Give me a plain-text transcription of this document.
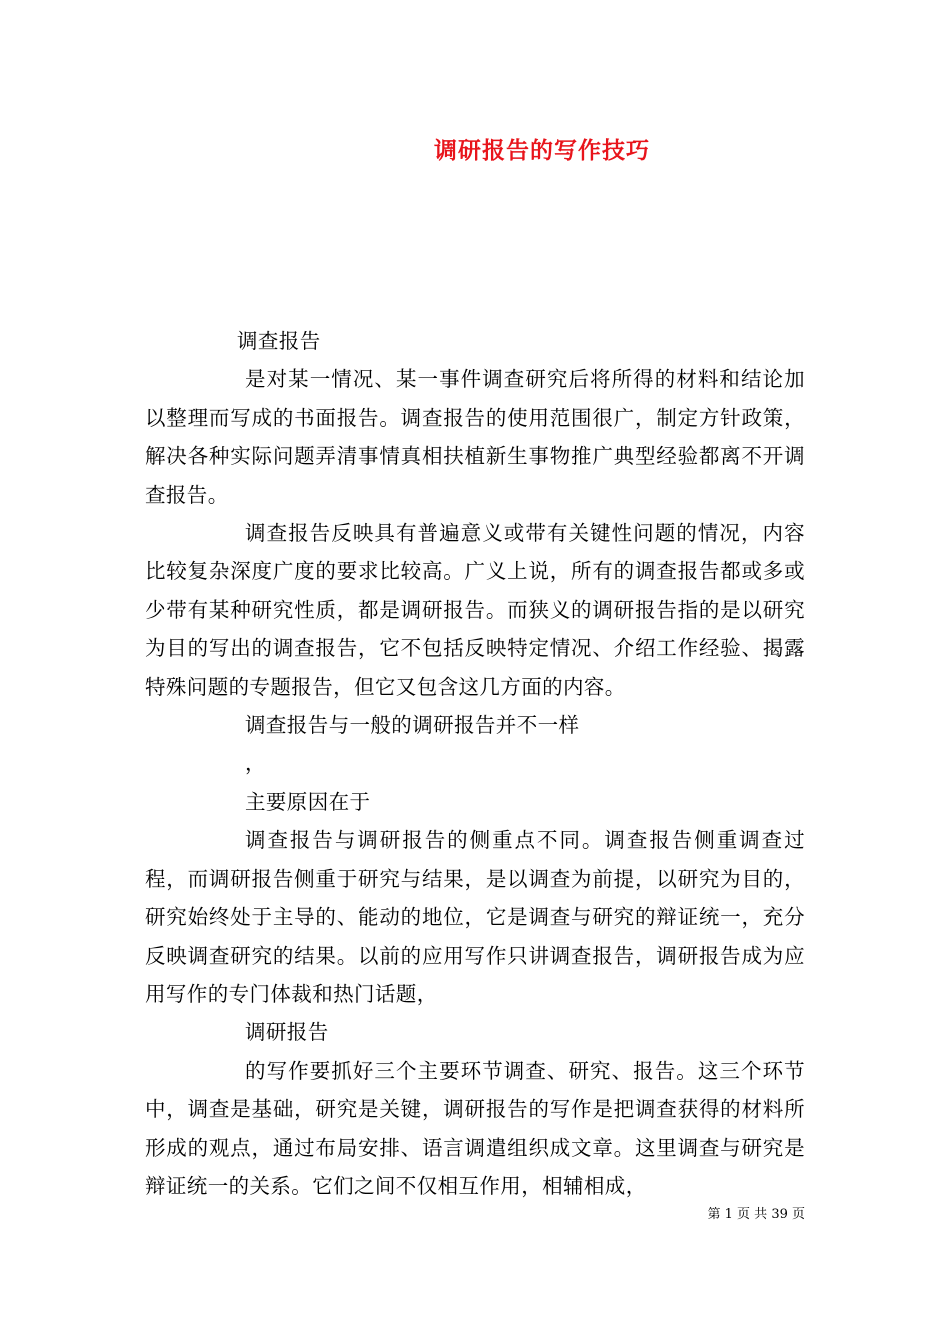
调研报告的写作技巧

调查报告

是对某一情况、某一事件调查研究后将所得的材料和结论加以整理而写成的书面报告。调查报告的使用范围很广，制定方针政策，解决各种实际问题弄清事情真相扶植新生事物推广典型经验都离不开调查报告。

调查报告反映具有普遍意义或带有关键性问题的情况，内容比较复杂深度广度的要求比较高。广义上说，所有的调查报告都或多或少带有某种研究性质，都是调研报告。而狭义的调研报告指的是以研究为目的写出的调查报告，它不包括反映特定情况、介绍工作经验、揭露特殊问题的专题报告，但它又包含这几方面的内容。

调查报告与一般的调研报告并不一样

，

主要原因在于

调查报告与调研报告的侧重点不同。调查报告侧重调查过程，而调研报告侧重于研究与结果，是以调查为前提，以研究为目的，研究始终处于主导的、能动的地位，它是调查与研究的辩证统一，充分反映调查研究的结果。以前的应用写作只讲调查报告，调研报告成为应用写作的专门体裁和热门话题，

调研报告

的写作要抓好三个主要环节调查、研究、报告。这三个环节中，调查是基础，研究是关键，调研报告的写作是把调查获得的材料所形成的观点，通过布局安排、语言调遣组织成文章。这里调查与研究是辩证统一的关系。它们之间不仅相互作用，相辅相成，

第 1 页 共 39 页
